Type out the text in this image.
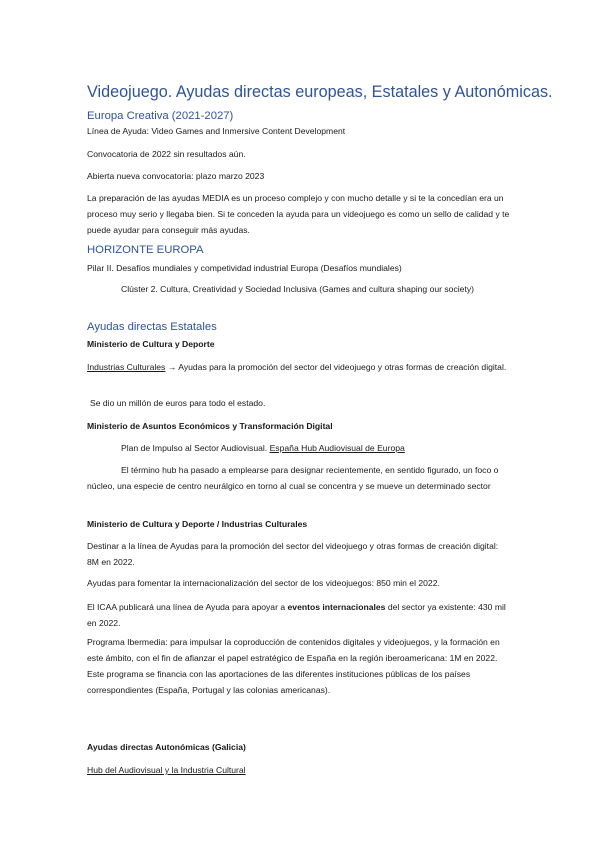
Videojuego. Ayudas directas europeas, Estatales y Autonómicas.
Europa Creativa (2021-2027)
Línea de Ayuda: Video Games and Inmersive Content Development
Convocatoria de 2022 sin resultados aún.
Abierta nueva convocatoria: plazo marzo 2023
La preparación de las ayudas MEDIA es un proceso complejo y con mucho detalle y si te la concedían era un proceso muy serio y llegaba bien. Si te conceden la ayuda para un videojuego es como un sello de calidad y te puede ayudar para conseguir más ayudas.
HORIZONTE EUROPA
Pilar II. Desafíos mundiales y competividad industrial Europa (Desafíos mundiales)
Clúster 2. Cultura, Creatividad y Sociedad Inclusiva (Games and cultura shaping our society)
Ayudas directas Estatales
Ministerio de Cultura y Deporte
Industrias Culturales → Ayudas para la promoción del sector del videojuego y otras formas de creación digital.
Se dio un millón de euros para todo el estado.
Ministerio de Asuntos Económicos y Transformación Digital
Plan de Impulso al Sector Audiovisual. España Hub Audiovisual de Europa
El término hub ha pasado a emplearse para designar recientemente, en sentido figurado, un foco o núcleo, una especie de centro neurálgico en torno al cual se concentra y se mueve un determinado sector
Ministerio de Cultura y Deporte / Industrias Culturales
Destinar a la línea de Ayudas para la promoción del sector del videojuego y otras formas de creación digital: 8M en 2022.
Ayudas para fomentar la internacionalización del sector de los videojuegos: 850 min el 2022.
El ICAA publicará una línea de Ayuda para apoyar a eventos internacionales del sector ya existente: 430 mil en 2022.
Programa Ibermedia: para impulsar la coproducción de contenidos digitales y videojuegos, y la formación en este ámbito, con el fin de afianzar el papel estratégico de España en la región iberoamericana: 1M en 2022. Este programa se financia con las aportaciones de las diferentes instituciones públicas de los países correspondientes (España, Portugal y las colonias americanas).
Ayudas directas Autonómicas (Galicia)
Hub del Audiovisual y la Industria Cultural
